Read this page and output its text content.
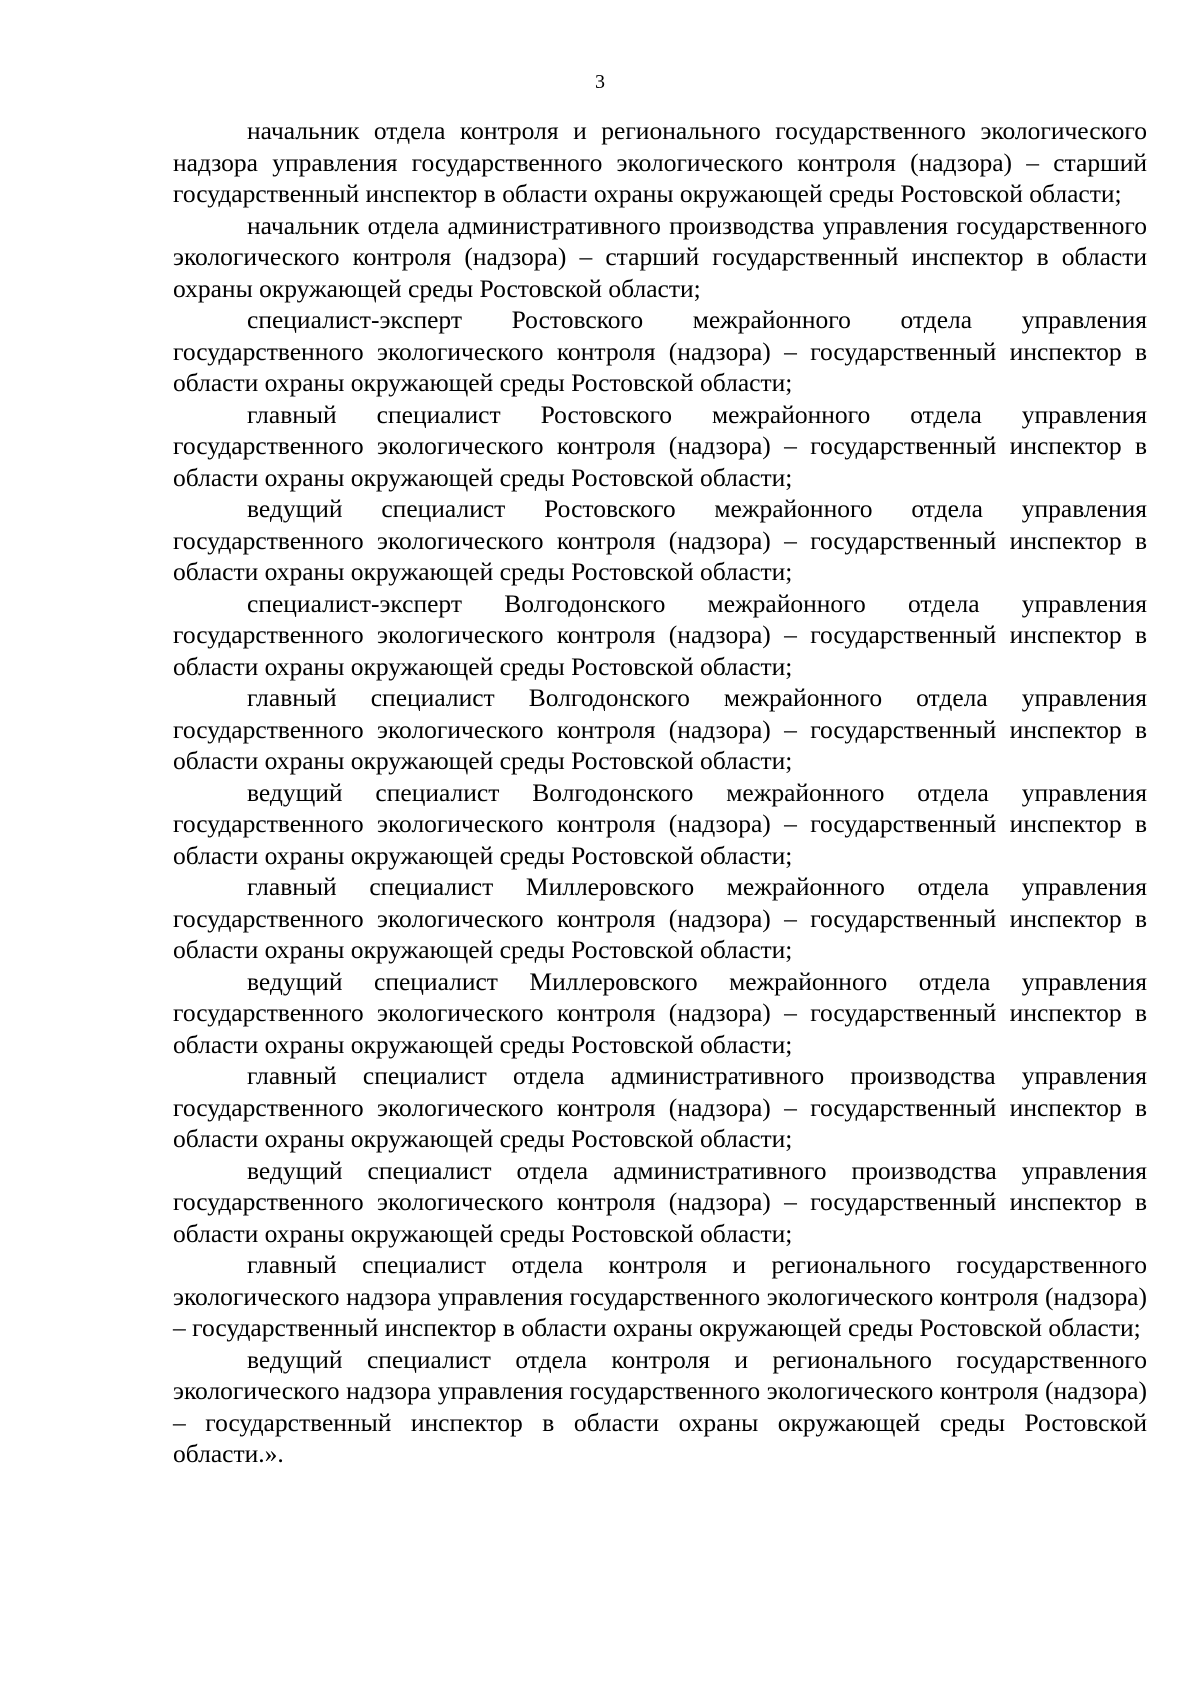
3

начальник отдела контроля и регионального государственного экологического надзора управления государственного экологического контроля (надзора) – старший государственный инспектор в области охраны окружающей среды Ростовской области;

начальник отдела административного производства управления государственного экологического контроля (надзора) – старший государственный инспектор в области охраны окружающей среды Ростовской области;

специалист-эксперт Ростовского межрайонного отдела управления государственного экологического контроля (надзора) – государственный инспектор в области охраны окружающей среды Ростовской области;

главный специалист Ростовского межрайонного отдела управления государственного экологического контроля (надзора) – государственный инспектор в области охраны окружающей среды Ростовской области;

ведущий специалист Ростовского межрайонного отдела управления государственного экологического контроля (надзора) – государственный инспектор в области охраны окружающей среды Ростовской области;

специалист-эксперт Волгодонского межрайонного отдела управления государственного экологического контроля (надзора) – государственный инспектор в области охраны окружающей среды Ростовской области;

главный специалист Волгодонского межрайонного отдела управления государственного экологического контроля (надзора) – государственный инспектор в области охраны окружающей среды Ростовской области;

ведущий специалист Волгодонского межрайонного отдела управления государственного экологического контроля (надзора) – государственный инспектор в области охраны окружающей среды Ростовской области;

главный специалист Миллеровского межрайонного отдела управления государственного экологического контроля (надзора) – государственный инспектор в области охраны окружающей среды Ростовской области;

ведущий специалист Миллеровского межрайонного отдела управления государственного экологического контроля (надзора) – государственный инспектор в области охраны окружающей среды Ростовской области;

главный специалист отдела административного производства управления государственного экологического контроля (надзора) – государственный инспектор в области охраны окружающей среды Ростовской области;

ведущий специалист отдела административного производства управления государственного экологического контроля (надзора) – государственный инспектор в области охраны окружающей среды Ростовской области;

главный специалист отдела контроля и регионального государственного экологического надзора управления государственного экологического контроля (надзора) – государственный инспектор в области охраны окружающей среды Ростовской области;

ведущий специалист отдела контроля и регионального государственного экологического надзора управления государственного экологического контроля (надзора) – государственный инспектор в области охраны окружающей среды Ростовской области.».
